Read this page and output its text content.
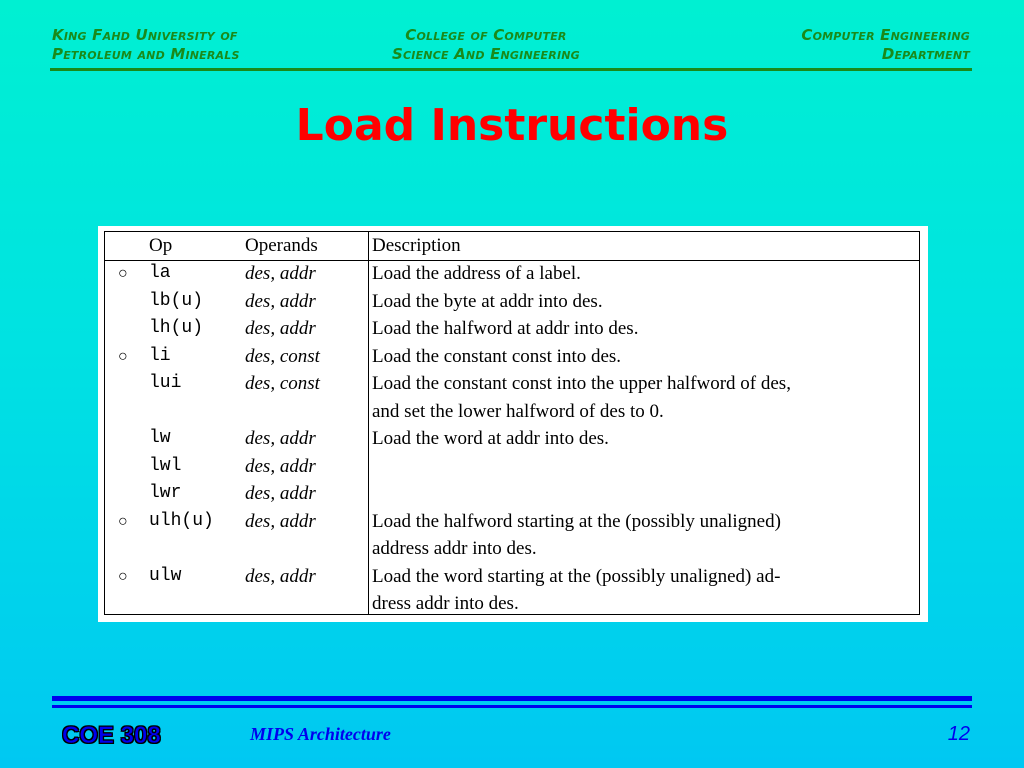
King Fahd University of
Petroleum and Minerals
College of Computer
Science And Engineering
Computer Engineering
Department
Load Instructions
Op	Operands	Description
○ la	des, addr	Load the address of a label.
lb(u) des, addr	Load the byte at addr into des.
lh(u) des, addr	Load the halfword at addr into des.
○ li	des, const	Load the constant const into des.
lui	des, const	Load the constant const into the upper halfword of des,
and set the lower halfword of des to 0.
lw	des, addr	Load the word at addr into des.
lwl	des, addr
lwr	des, addr
○ ulh(u) des, addr	Load the halfword starting at the (possibly unaligned)
address addr into des.
○ ulw	des, addr	Load the word starting at the (possibly unaligned) ad-
dress addr into des.
COE 308	MIPS Architecture	12
